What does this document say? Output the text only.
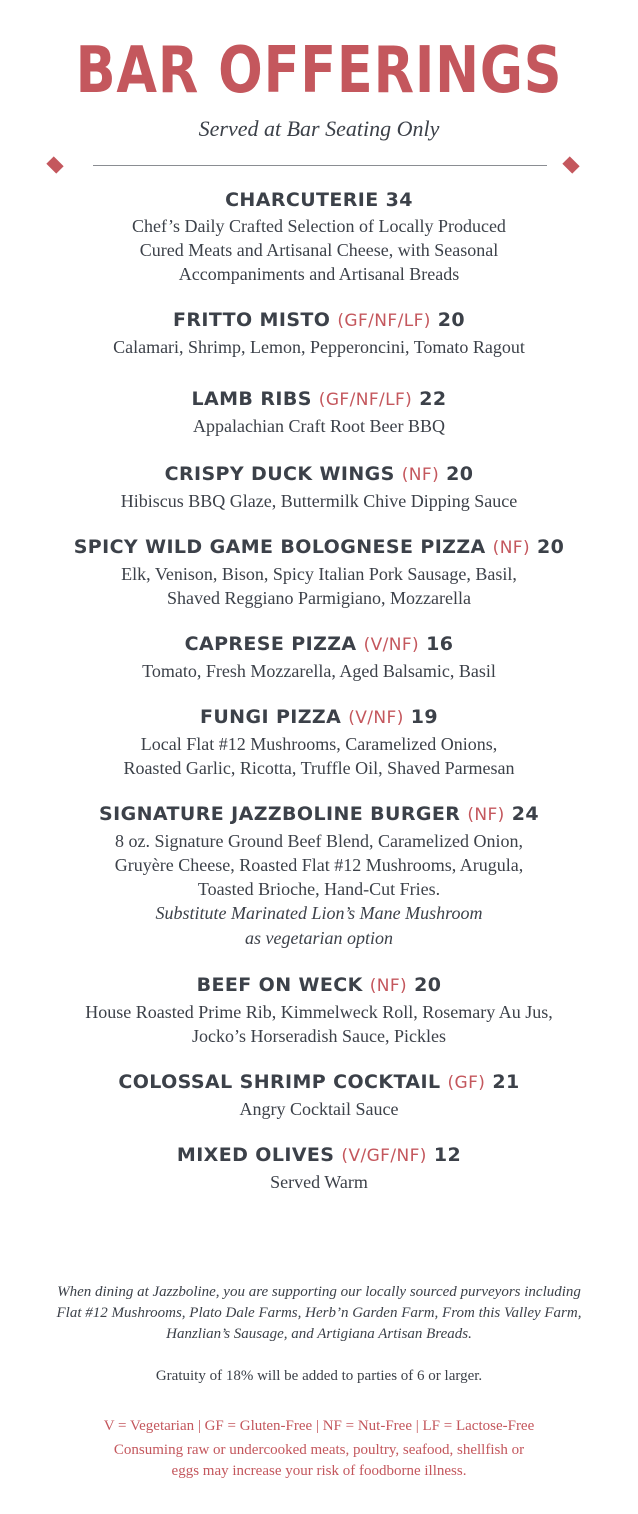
BAR OFFERINGS
Served at Bar Seating Only
CHARCUTERIE 34
Chef’s Daily Crafted Selection of Locally Produced
Cured Meats and Artisanal Cheese, with Seasonal
Accompaniments and Artisanal Breads
FRITTO MISTO (GF/NF/LF) 20
Calamari, Shrimp, Lemon, Pepperoncini, Tomato Ragout
LAMB RIBS (GF/NF/LF) 22
Appalachian Craft Root Beer BBQ
CRISPY DUCK WINGS (NF) 20
Hibiscus BBQ Glaze, Buttermilk Chive Dipping Sauce
SPICY WILD GAME BOLOGNESE PIZZA (NF) 20
Elk, Venison, Bison, Spicy Italian Pork Sausage, Basil,
Shaved Reggiano Parmigiano, Mozzarella
CAPRESE PIZZA (V/NF) 16
Tomato, Fresh Mozzarella, Aged Balsamic, Basil
FUNGI PIZZA (V/NF) 19
Local Flat #12 Mushrooms, Caramelized Onions,
Roasted Garlic, Ricotta, Truffle Oil, Shaved Parmesan
SIGNATURE JAZZBOLINE BURGER (NF) 24
8 oz. Signature Ground Beef Blend, Caramelized Onion,
Gruyère Cheese, Roasted Flat #12 Mushrooms, Arugula,
Toasted Brioche, Hand-Cut Fries.
Substitute Marinated Lion’s Mane Mushroom
as vegetarian option
BEEF ON WECK (NF) 20
House Roasted Prime Rib, Kimmelweck Roll, Rosemary Au Jus,
Jocko’s Horseradish Sauce, Pickles
COLOSSAL SHRIMP COCKTAIL (GF) 21
Angry Cocktail Sauce
MIXED OLIVES (V/GF/NF) 12
Served Warm
When dining at Jazzboline, you are supporting our locally sourced purveyors including
Flat #12 Mushrooms, Plato Dale Farms, Herb’n Garden Farm, From this Valley Farm,
Hanzlian’s Sausage, and Artigiana Artisan Breads.
Gratuity of 18% will be added to parties of 6 or larger.
V = Vegetarian | GF = Gluten-Free | NF = Nut-Free | LF = Lactose-Free
Consuming raw or undercooked meats, poultry, seafood, shellfish or
eggs may increase your risk of foodborne illness.
